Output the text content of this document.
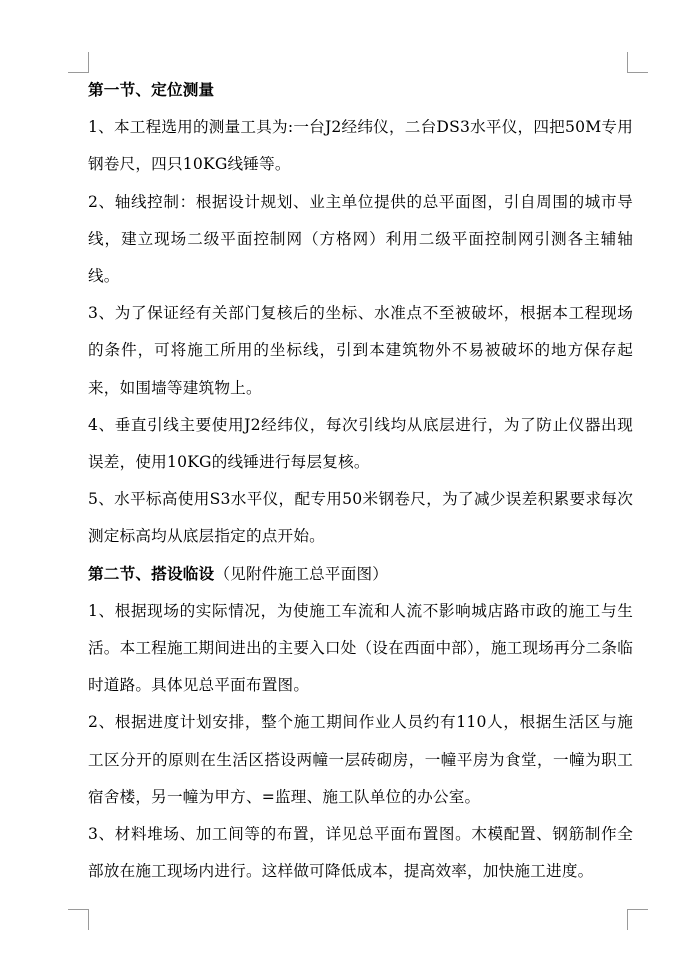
第一节、定位测量

1、本工程选用的测量工具为:一台J2经纬仪，二台DS3水平仪，四把50M专用钢卷尺，四只10KG线锤等。

2、轴线控制：根据设计规划、业主单位提供的总平面图，引自周围的城市导线，建立现场二级平面控制网（方格网）利用二级平面控制网引测各主辅轴线。

3、为了保证经有关部门复核后的坐标、水准点不至被破坏，根据本工程现场的条件，可将施工所用的坐标线，引到本建筑物外不易被破坏的地方保存起来，如围墙等建筑物上。

4、垂直引线主要使用J2经纬仪，每次引线均从底层进行，为了防止仪器出现误差，使用10KG的线锤进行每层复核。

5、水平标高使用S3水平仪，配专用50米钢卷尺，为了减少误差积累要求每次测定标高均从底层指定的点开始。

第二节、搭设临设（见附件施工总平面图）

1、根据现场的实际情况，为使施工车流和人流不影响城店路市政的施工与生活。本工程施工期间进出的主要入口处（设在西面中部），施工现场再分二条临时道路。具体见总平面布置图。

2、根据进度计划安排，整个施工期间作业人员约有110人，根据生活区与施工区分开的原则在生活区搭设两幢一层砖砌房，一幢平房为食堂，一幢为职工宿舍楼，另一幢为甲方、=监理、施工队单位的办公室。

3、材料堆场、加工间等的布置，详见总平面布置图。木模配置、钢筋制作全部放在施工现场内进行。这样做可降低成本，提高效率，加快施工进度。
